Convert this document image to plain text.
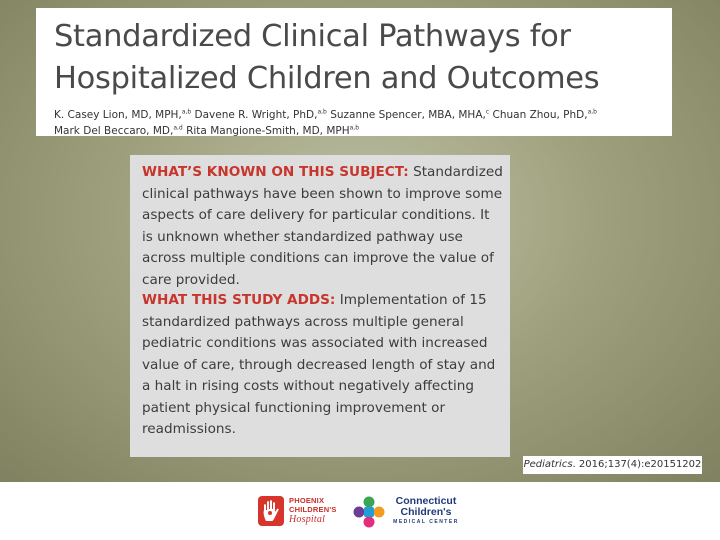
Standardized Clinical Pathways for
Hospitalized Children and Outcomes

K. Casey Lion, MD, MPH,$^{a,b}$ Davene R. Wright, PhD,$^{a,b}$ Suzanne Spencer, MBA, MHA,$^c$ Chuan Zhou, PhD,$^{a,b}$ Mark Del Beccaro, MD,$^{a,d}$ Rita Mangione-Smith, MD, MPH$^{a,b}$

WHAT’S KNOWN ON THIS SUBJECT: Standardized clinical pathways have been shown to improve some aspects of care delivery for particular conditions. It is unknown whether standardized pathway use across multiple conditions can improve the value of care provided.

WHAT THIS STUDY ADDS: Implementation of 15 standardized pathways across multiple general pediatric conditions was associated with increased value of care, through decreased length of stay and a halt in rising costs without negatively affecting patient physical functioning improvement or readmissions.

Pediatrics. 2016;137(4):e20151202
PHOENIX
CHILDREN'S
Hospital
Connecticut
Children's
MEDICAL CENTER
